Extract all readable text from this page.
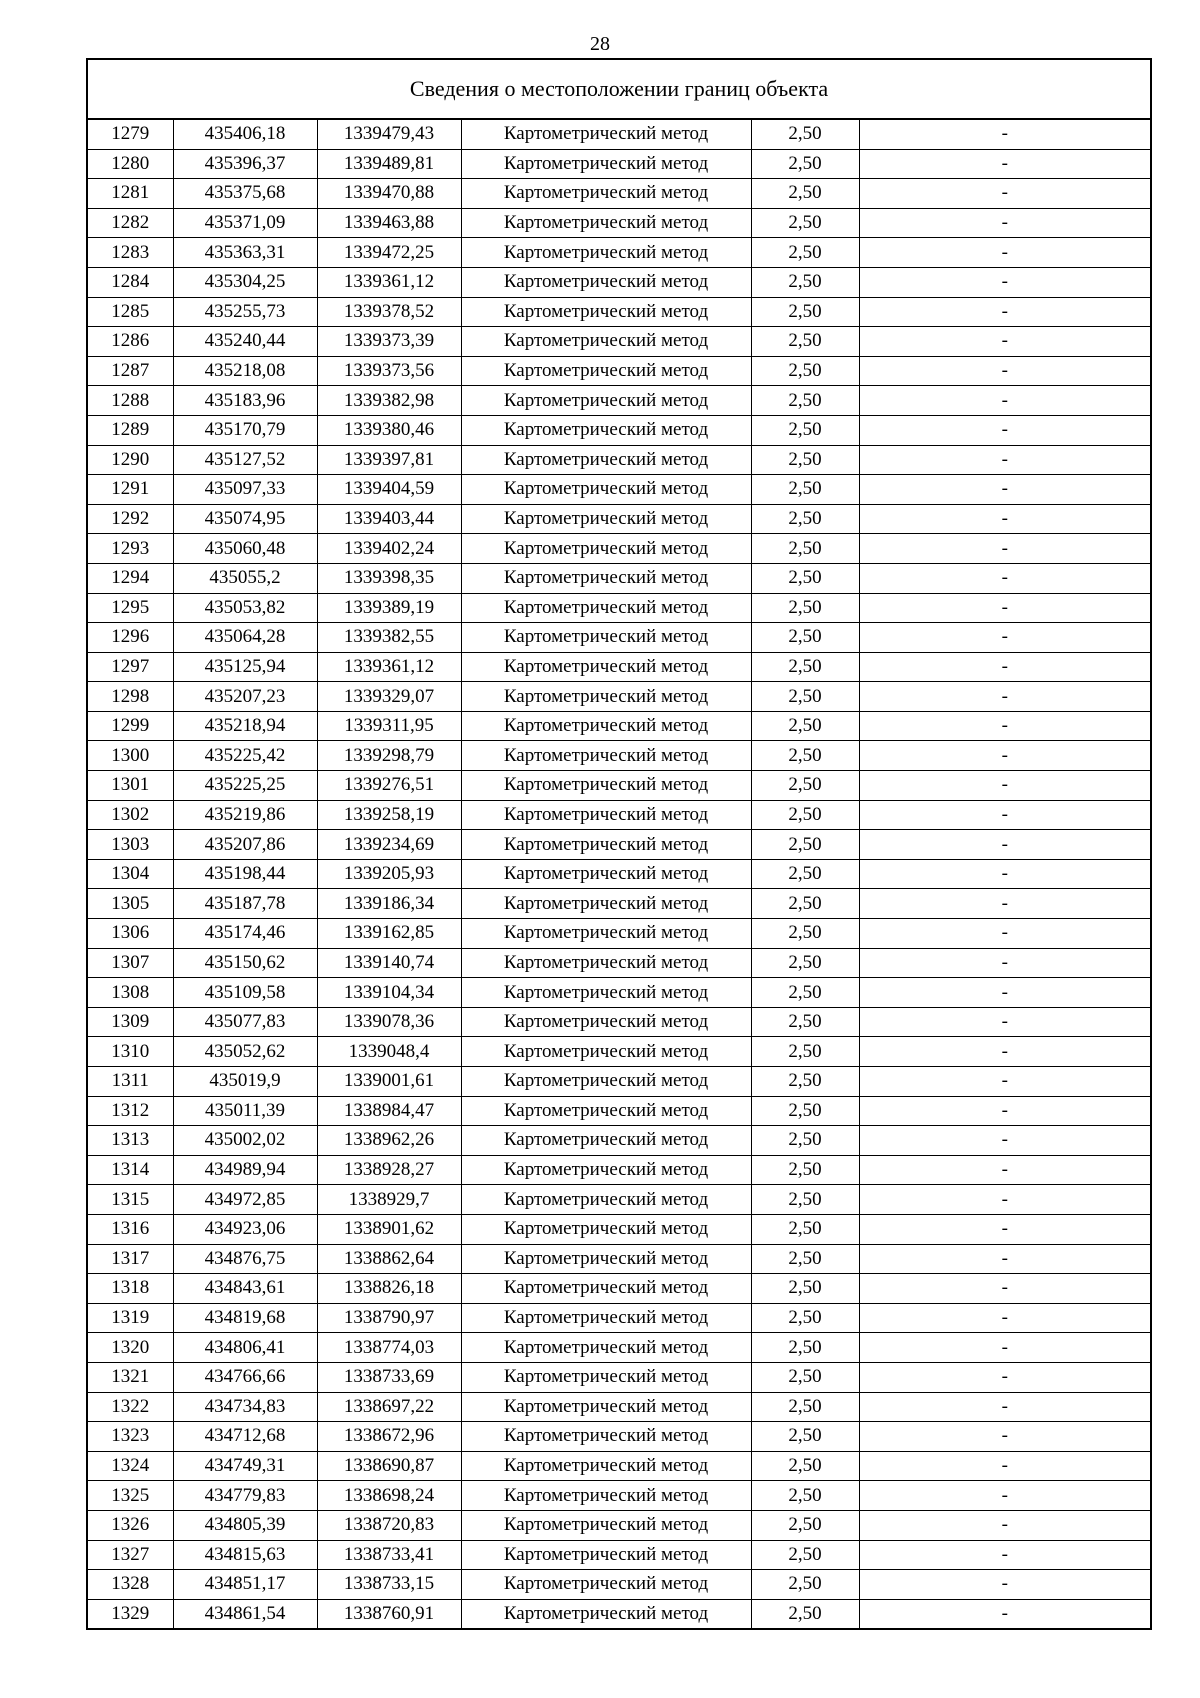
28
Сведения о местоположении границ объекта					
1279	435406,18	1339479,43	Картометрический метод	2,50	-
1280	435396,37	1339489,81	Картометрический метод	2,50	-
1281	435375,68	1339470,88	Картометрический метод	2,50	-
1282	435371,09	1339463,88	Картометрический метод	2,50	-
1283	435363,31	1339472,25	Картометрический метод	2,50	-
1284	435304,25	1339361,12	Картометрический метод	2,50	-
1285	435255,73	1339378,52	Картометрический метод	2,50	-
1286	435240,44	1339373,39	Картометрический метод	2,50	-
1287	435218,08	1339373,56	Картометрический метод	2,50	-
1288	435183,96	1339382,98	Картометрический метод	2,50	-
1289	435170,79	1339380,46	Картометрический метод	2,50	-
1290	435127,52	1339397,81	Картометрический метод	2,50	-
1291	435097,33	1339404,59	Картометрический метод	2,50	-
1292	435074,95	1339403,44	Картометрический метод	2,50	-
1293	435060,48	1339402,24	Картометрический метод	2,50	-
1294	435055,2	1339398,35	Картометрический метод	2,50	-
1295	435053,82	1339389,19	Картометрический метод	2,50	-
1296	435064,28	1339382,55	Картометрический метод	2,50	-
1297	435125,94	1339361,12	Картометрический метод	2,50	-
1298	435207,23	1339329,07	Картометрический метод	2,50	-
1299	435218,94	1339311,95	Картометрический метод	2,50	-
1300	435225,42	1339298,79	Картометрический метод	2,50	-
1301	435225,25	1339276,51	Картометрический метод	2,50	-
1302	435219,86	1339258,19	Картометрический метод	2,50	-
1303	435207,86	1339234,69	Картометрический метод	2,50	-
1304	435198,44	1339205,93	Картометрический метод	2,50	-
1305	435187,78	1339186,34	Картометрический метод	2,50	-
1306	435174,46	1339162,85	Картометрический метод	2,50	-
1307	435150,62	1339140,74	Картометрический метод	2,50	-
1308	435109,58	1339104,34	Картометрический метод	2,50	-
1309	435077,83	1339078,36	Картометрический метод	2,50	-
1310	435052,62	1339048,4	Картометрический метод	2,50	-
1311	435019,9	1339001,61	Картометрический метод	2,50	-
1312	435011,39	1338984,47	Картометрический метод	2,50	-
1313	435002,02	1338962,26	Картометрический метод	2,50	-
1314	434989,94	1338928,27	Картометрический метод	2,50	-
1315	434972,85	1338929,7	Картометрический метод	2,50	-
1316	434923,06	1338901,62	Картометрический метод	2,50	-
1317	434876,75	1338862,64	Картометрический метод	2,50	-
1318	434843,61	1338826,18	Картометрический метод	2,50	-
1319	434819,68	1338790,97	Картометрический метод	2,50	-
1320	434806,41	1338774,03	Картометрический метод	2,50	-
1321	434766,66	1338733,69	Картометрический метод	2,50	-
1322	434734,83	1338697,22	Картометрический метод	2,50	-
1323	434712,68	1338672,96	Картометрический метод	2,50	-
1324	434749,31	1338690,87	Картометрический метод	2,50	-
1325	434779,83	1338698,24	Картометрический метод	2,50	-
1326	434805,39	1338720,83	Картометрический метод	2,50	-
1327	434815,63	1338733,41	Картометрический метод	2,50	-
1328	434851,17	1338733,15	Картометрический метод	2,50	-
1329	434861,54	1338760,91	Картометрический метод	2,50	-
